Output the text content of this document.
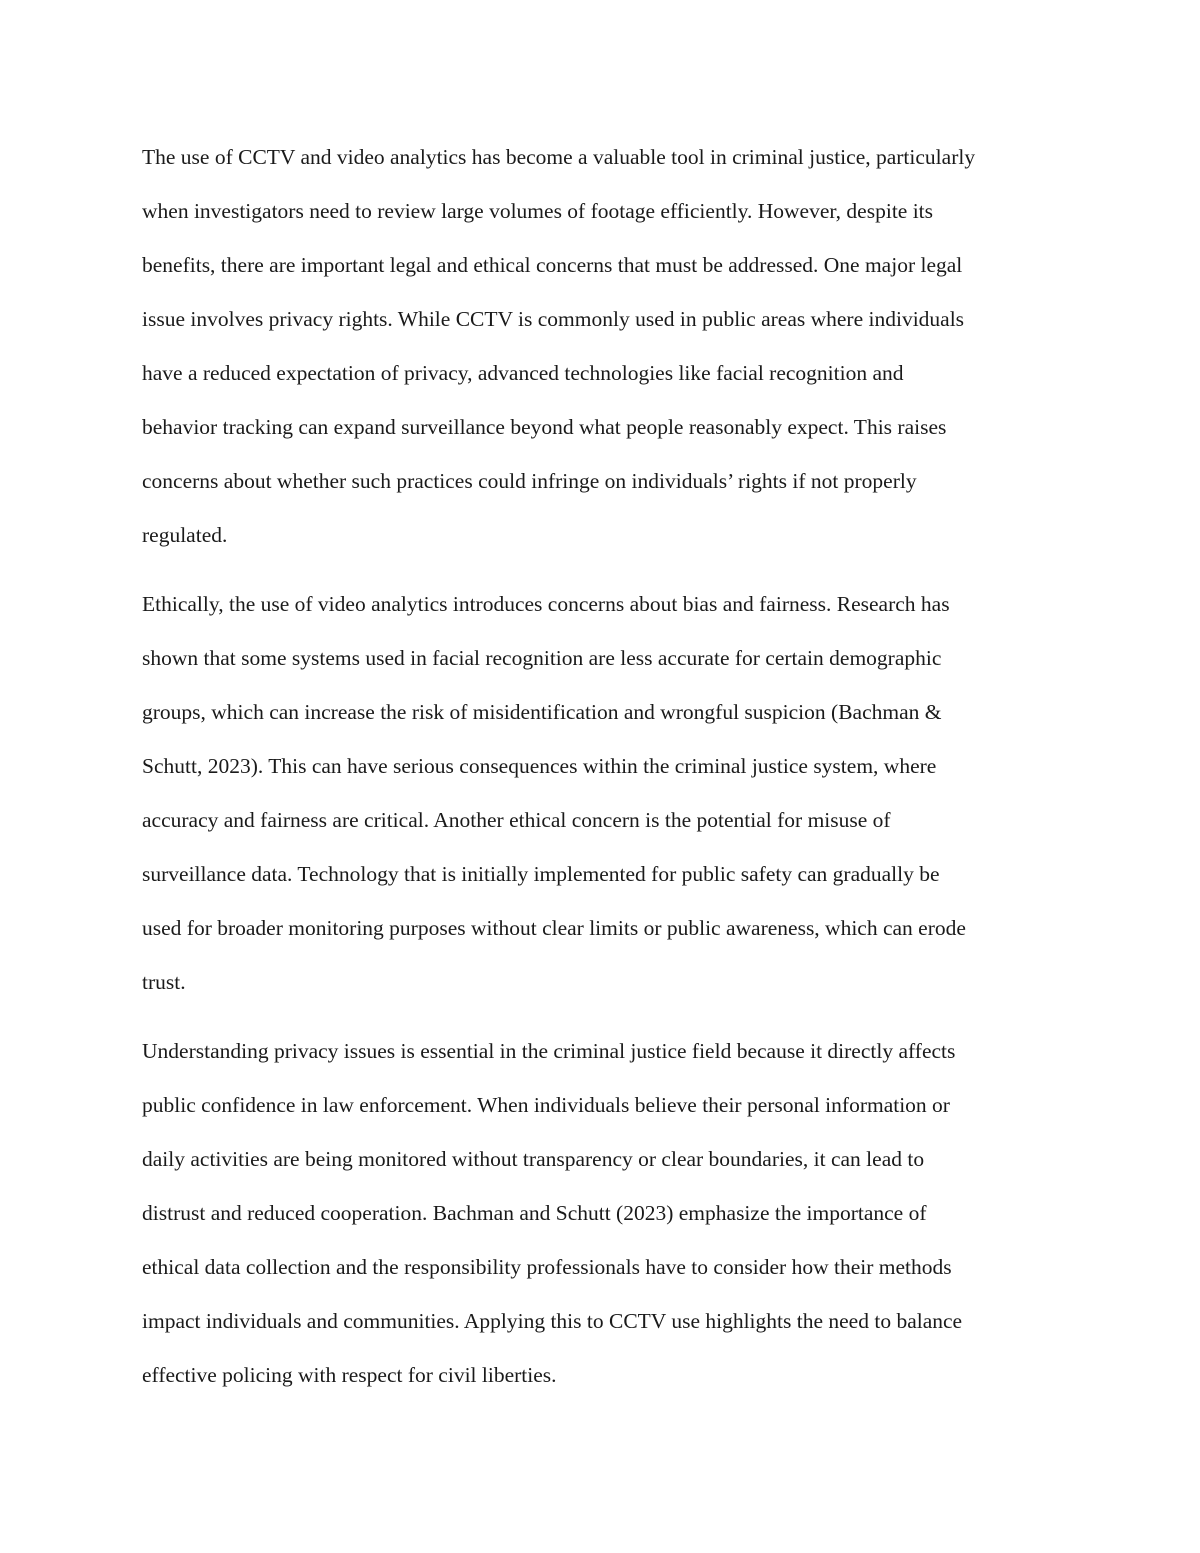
The use of CCTV and video analytics has become a valuable tool in criminal justice, particularly
when investigators need to review large volumes of footage efficiently. However, despite its
benefits, there are important legal and ethical concerns that must be addressed. One major legal
issue involves privacy rights. While CCTV is commonly used in public areas where individuals
have a reduced expectation of privacy, advanced technologies like facial recognition and
behavior tracking can expand surveillance beyond what people reasonably expect. This raises
concerns about whether such practices could infringe on individuals’ rights if not properly
regulated.

Ethically, the use of video analytics introduces concerns about bias and fairness. Research has
shown that some systems used in facial recognition are less accurate for certain demographic
groups, which can increase the risk of misidentification and wrongful suspicion (Bachman &
Schutt, 2023). This can have serious consequences within the criminal justice system, where
accuracy and fairness are critical. Another ethical concern is the potential for misuse of
surveillance data. Technology that is initially implemented for public safety can gradually be
used for broader monitoring purposes without clear limits or public awareness, which can erode
trust.

Understanding privacy issues is essential in the criminal justice field because it directly affects
public confidence in law enforcement. When individuals believe their personal information or
daily activities are being monitored without transparency or clear boundaries, it can lead to
distrust and reduced cooperation. Bachman and Schutt (2023) emphasize the importance of
ethical data collection and the responsibility professionals have to consider how their methods
impact individuals and communities. Applying this to CCTV use highlights the need to balance
effective policing with respect for civil liberties.
